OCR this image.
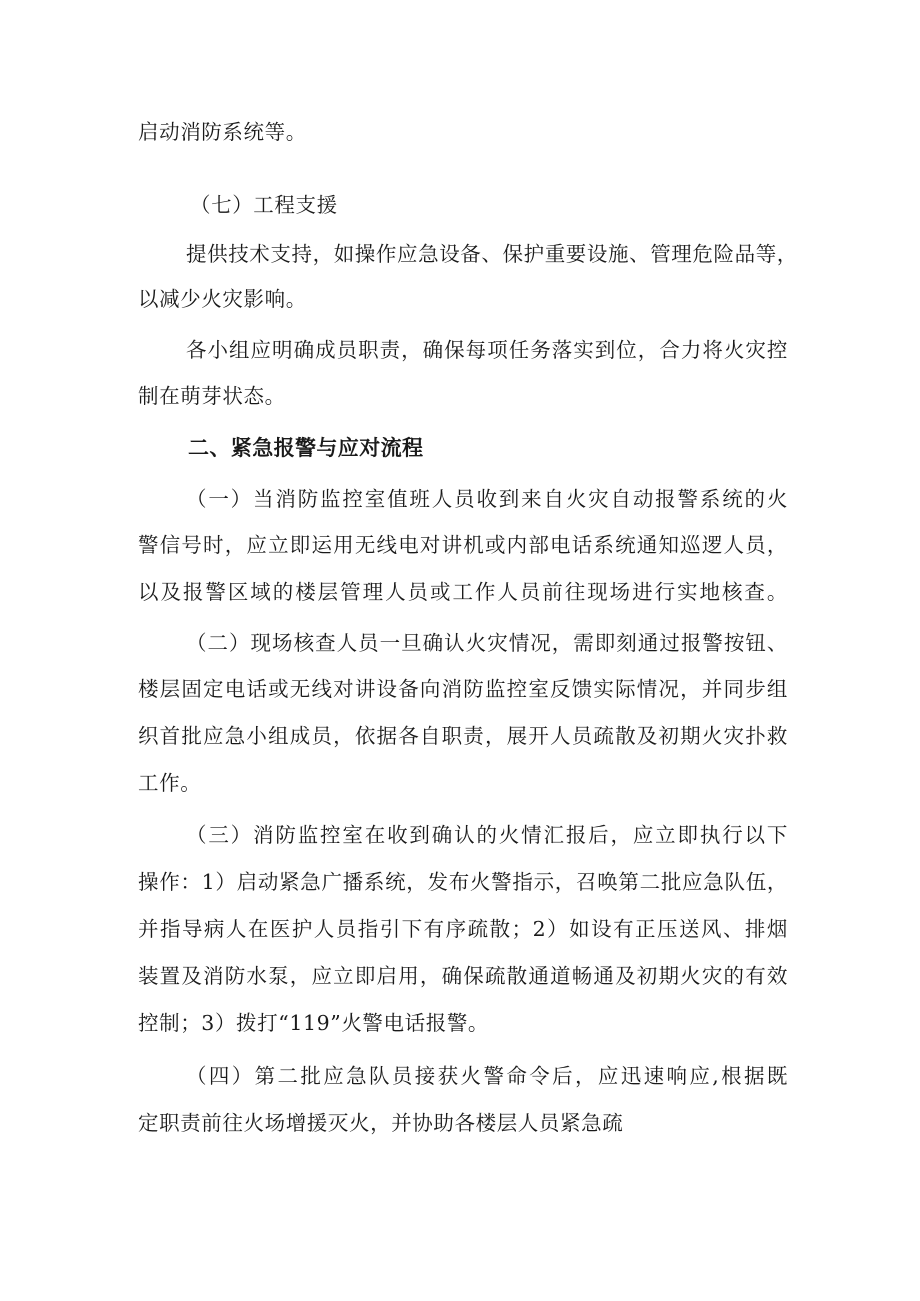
启动消防系统等。
（七）工程支援
提供技术支持，如操作应急设备、保护重要设施、管理危险品等，
以减少火灾影响。
各小组应明确成员职责，确保每项任务落实到位，合力将火灾控
制在萌芽状态。
二、紧急报警与应对流程
（一）当消防监控室值班人员收到来自火灾自动报警系统的火
警信号时，应立即运用无线电对讲机或内部电话系统通知巡逻人员，
以及报警区域的楼层管理人员或工作人员前往现场进行实地核查。
（二）现场核查人员一旦确认火灾情况，需即刻通过报警按钮、
楼层固定电话或无线对讲设备向消防监控室反馈实际情况，并同步组
织首批应急小组成员，依据各自职责，展开人员疏散及初期火灾扑救
工作。
（三）消防监控室在收到确认的火情汇报后，应立即执行以下
操作：1）启动紧急广播系统，发布火警指示，召唤第二批应急队伍，
并指导病人在医护人员指引下有序疏散；2）如设有正压送风、排烟
装置及消防水泵，应立即启用，确保疏散通道畅通及初期火灾的有效
控制；3）拨打“119”火警电话报警。
（四）第二批应急队员接获火警命令后，应迅速响应,根据既
定职责前往火场增援灭火，并协助各楼层人员紧急疏
